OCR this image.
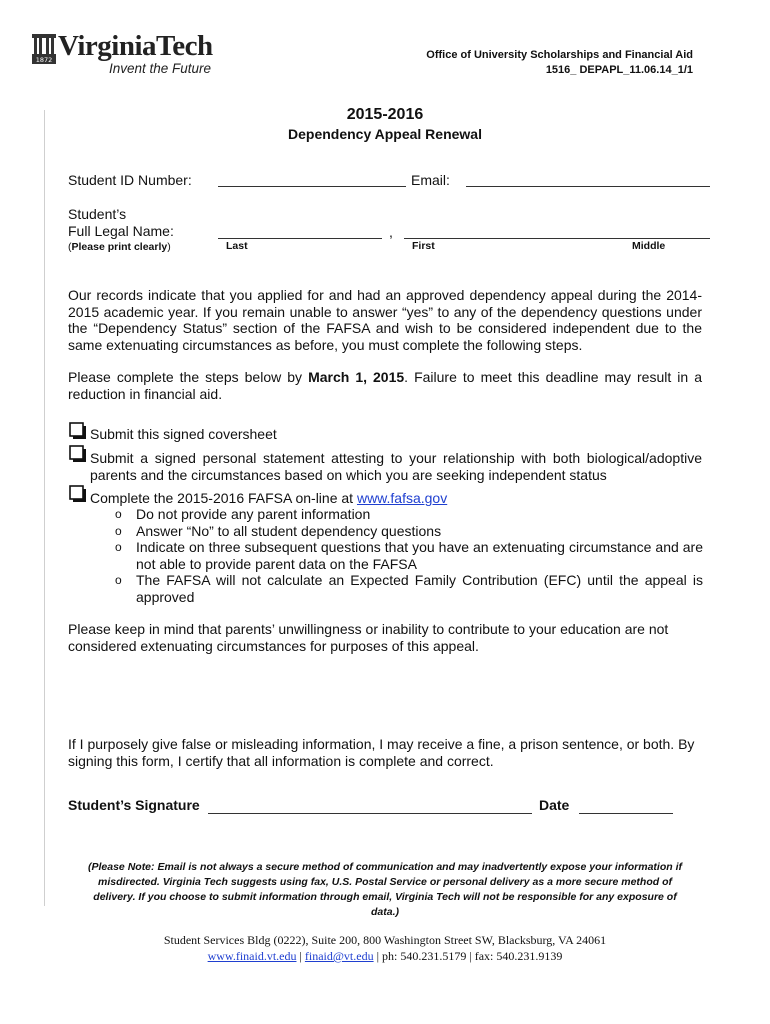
1872 VirginiaTech
Invent the Future
Office of University Scholarships and Financial Aid
1516_ DEPAPL_11.06.14_1/1
2015-2016
Dependency Appeal Renewal
Student ID Number:	Email:
Student’s
Full Legal Name:
(Please print clearly)
,
Last	First	Middle
Our records indicate that you applied for and had an approved dependency appeal during the 2014-2015 academic year. If you remain unable to answer “yes” to any of the dependency questions under the “Dependency Status” section of the FAFSA and wish to be considered independent due to the same extenuating circumstances as before, you must complete the following steps.
Please complete the steps below by March 1, 2015. Failure to meet this deadline may result in a reduction in financial aid.
Submit this signed coversheet
Submit a signed personal statement attesting to your relationship with both biological/adoptive parents and the circumstances based on which you are seeking independent status
Complete the 2015-2016 FAFSA on-line at www.fafsa.gov
o Do not provide any parent information
o Answer “No” to all student dependency questions
o Indicate on three subsequent questions that you have an extenuating circumstance and are not able to provide parent data on the FAFSA
o The FAFSA will not calculate an Expected Family Contribution (EFC) until the appeal is approved
Please keep in mind that parents’ unwillingness or inability to contribute to your education are not considered extenuating circumstances for purposes of this appeal.
If I purposely give false or misleading information, I may receive a fine, a prison sentence, or both. By signing this form, I certify that all information is complete and correct.
Student’s Signature	Date
(Please Note: Email is not always a secure method of communication and may inadvertently expose your information if misdirected. Virginia Tech suggests using fax, U.S. Postal Service or personal delivery as a more secure method of delivery. If you choose to submit information through email, Virginia Tech will not be responsible for any exposure of data.)
Student Services Bldg (0222), Suite 200, 800 Washington Street SW, Blacksburg, VA 24061
www.finaid.vt.edu | finaid@vt.edu | ph: 540.231.5179 | fax: 540.231.9139
